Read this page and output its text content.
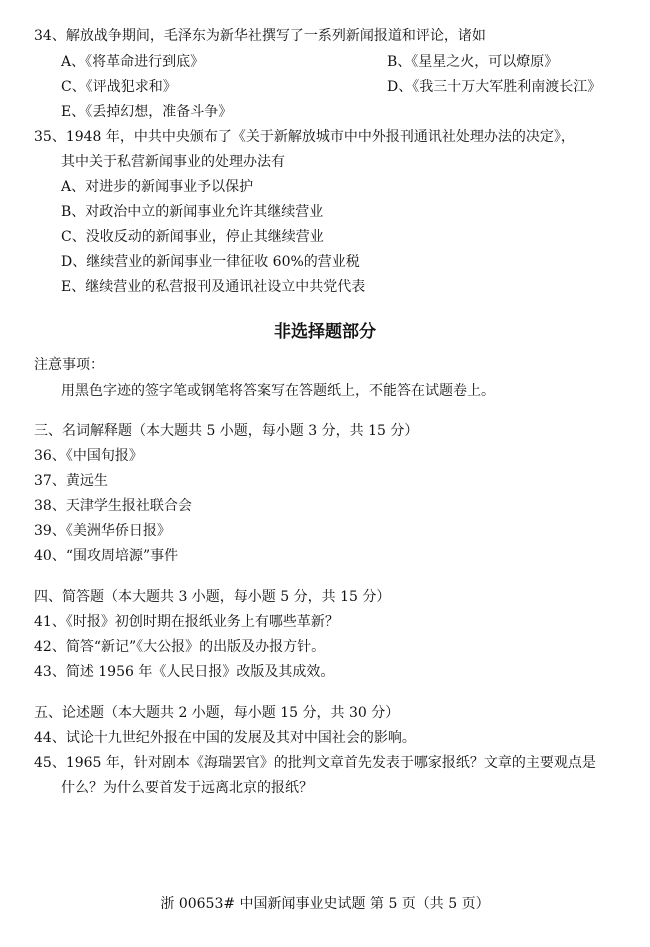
34、解放战争期间，毛泽东为新华社撰写了一系列新闻报道和评论，诸如
A、《将革命进行到底》	B、《星星之火，可以燎原》
C、《评战犯求和》	D、《我三十万大军胜利南渡长江》
E、《丢掉幻想，准备斗争》
35、1948 年，中共中央颁布了《关于新解放城市中中外报刊通讯社处理办法的决定》，
其中关于私营新闻事业的处理办法有
A、对进步的新闻事业予以保护
B、对政治中立的新闻事业允许其继续营业
C、没收反动的新闻事业，停止其继续营业
D、继续营业的新闻事业一律征收 60%的营业税
E、继续营业的私营报刊及通讯社设立中共党代表
非选择题部分
注意事项：
用黑色字迹的签字笔或钢笔将答案写在答题纸上，不能答在试题卷上。
三、名词解释题（本大题共 5 小题，每小题 3 分，共 15 分）
36、《中国旬报》
37、黄远生
38、天津学生报社联合会
39、《美洲华侨日报》
40、“围攻周培源”事件
四、简答题（本大题共 3 小题，每小题 5 分，共 15 分）
41、《时报》初创时期在报纸业务上有哪些革新？
42、简答“新记”《大公报》的出版及办报方针。
43、简述 1956 年《人民日报》改版及其成效。
五、论述题（本大题共 2 小题，每小题 15 分，共 30 分）
44、试论十九世纪外报在中国的发展及其对中国社会的影响。
45、1965 年，针对剧本《海瑞罢官》的批判文章首先发表于哪家报纸？文章的主要观点是
什么？为什么要首发于远离北京的报纸？
浙 00653# 中国新闻事业史试题 第 5 页（共 5 页）
